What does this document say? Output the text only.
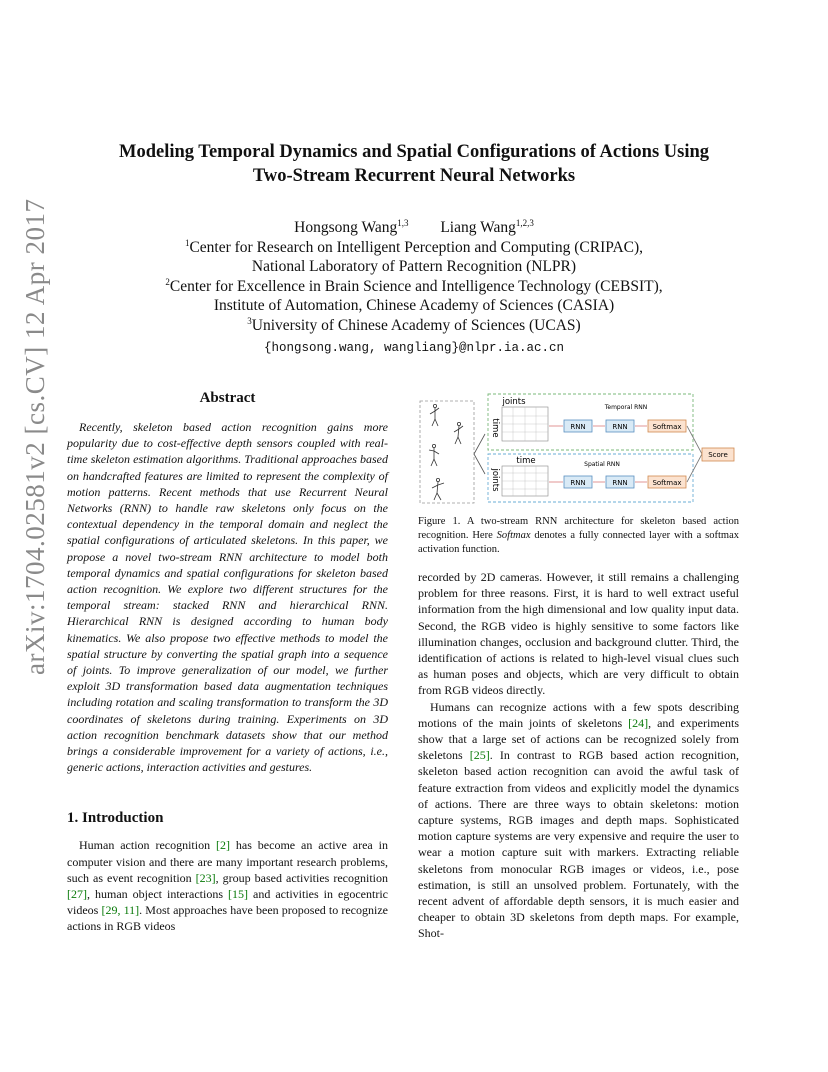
arXiv:1704.02581v2 [cs.CV] 12 Apr 2017
Modeling Temporal Dynamics and Spatial Configurations of Actions Using
Two-Stream Recurrent Neural Networks
Hongsong Wang$^{1,3}$ Liang Wang$^{1,2,3}$
$^1$Center for Research on Intelligent Perception and Computing (CRIPAC),
National Laboratory of Pattern Recognition (NLPR)
$^2$Center for Excellence in Brain Science and Intelligence Technology (CEBSIT),
Institute of Automation, Chinese Academy of Sciences (CASIA)
$^3$University of Chinese Academy of Sciences (UCAS)
{hongsong.wang, wangliang}@nlpr.ia.ac.cn
Abstract

Recently, skeleton based action recognition gains more popularity due to cost-effective depth sensors coupled with real-time skeleton estimation algorithms. Traditional approaches based on handcrafted features are limited to represent the complexity of motion patterns. Recent methods that use Recurrent Neural Networks (RNN) to handle raw skeletons only focus on the contextual dependency in the temporal domain and neglect the spatial configurations of articulated skeletons. In this paper, we propose a novel two-stream RNN architecture to model both temporal dynamics and spatial configurations for skeleton based action recognition. We explore two different structures for the temporal stream: stacked RNN and hierarchical RNN. Hierarchical RNN is designed according to human body kinematics. We also propose two effective methods to model the spatial structure by converting the spatial graph into a sequence of joints. To improve generalization of our model, we further exploit 3D transformation based data augmentation techniques including rotation and scaling transformation to transform the 3D coordinates of skeletons during training. Experiments on 3D action recognition benchmark datasets show that our method brings a considerable improvement for a variety of actions, i.e., generic actions, interaction activities and gestures.

1. Introduction

Human action recognition [2] has become an active area in computer vision and there are many important research problems, such as event recognition [23], group based activities recognition [27], human object interactions [15] and activities in egocentric videos [29, 11]. Most approaches have been proposed to recognize actions in RGB videos

joints
time
Temporal RNN
RNN	RNN	Softmax
time
joints
Spatial RNN
RNN	RNN	Softmax
Score

Figure 1. A two-stream RNN architecture for skeleton based action recognition. Here Softmax denotes a fully connected layer with a softmax activation function.

recorded by 2D cameras. However, it still remains a challenging problem for three reasons. First, it is hard to well extract useful information from the high dimensional and low quality input data. Second, the RGB video is highly sensitive to some factors like illumination changes, occlusion and background clutter. Third, the identification of actions is related to high-level visual clues such as human poses and objects, which are very difficult to obtain from RGB videos directly.

Humans can recognize actions with a few spots describing motions of the main joints of skeletons [24], and experiments show that a large set of actions can be recognized solely from skeletons [25]. In contrast to RGB based action recognition, skeleton based action recognition can avoid the awful task of feature extraction from videos and explicitly model the dynamics of actions. There are three ways to obtain skeletons: motion capture systems, RGB images and depth maps. Sophisticated motion capture systems are very expensive and require the user to wear a motion capture suit with markers. Extracting reliable skeletons from monocular RGB images or videos, i.e., pose estimation, is still an unsolved problem. Fortunately, with the recent advent of affordable depth sensors, it is much easier and cheaper to obtain 3D skeletons from depth maps. For example, Shot-
